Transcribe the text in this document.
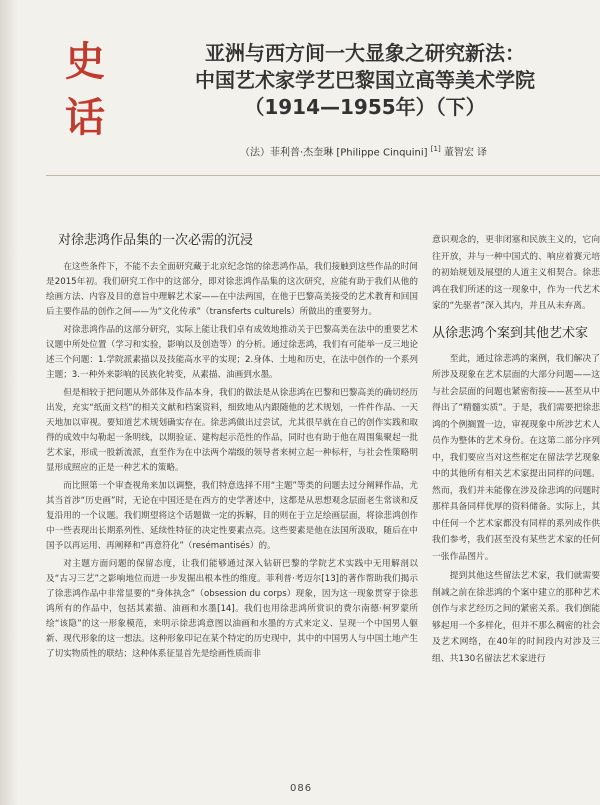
史
话
亚洲与西方间一大显象之研究新法：
中国艺术家学艺巴黎国立高等美术学院
（1914—1955年）（下）
（法）菲利普·杰奎琳 [Philippe Cinquini] [1] 董智宏 译
对徐悲鸿作品集的一次必需的沉浸

在这些条件下，不能不去全面研究藏于北京纪念馆的徐悲鸿作品，我们接触到这些作品的时间是2015年初。我们研究工作中的这部分，即对徐悲鸿作品集的这次研究，应能有助于我们从他的绘画方法、内容及目的意旨中理解艺术家——在中法两国，在他于巴黎高美接受的艺术教育和回国后主要作品的创作之间——为“文化传承”（transferts culturels）所做出的重要努力。

对徐悲鸿作品的这部分研究，实际上能让我们卓有成效地推动关于巴黎高美在法中的重要艺术议题中所处位置（学习和实验，影响以及创造等）的分析。通过徐悲鸿，我们有可能举一反三地论述三个问题：1.学院派素描以及技能高水平的实现；2.身体、土地和历史，在法中创作的一个系列主题；3.一种外来影响的民族化转变，从素描、油画到水墨。

但是相较于把问题从外部体及作品本身，我们的做法是从徐悲鸿在巴黎和巴黎高美的确切经历出发，充实“纸面文档”的相关文献和档案资料，细致地从内跟随他的艺术规划，一件件作品、一天天地加以审视。要知道艺术规划确实存在。徐悲鸿做出过尝试，尤其很早就在自己的创作实践和取得的成效中勾勒起一条明线，以期验证、建构起示范性的作品，同时也有助于他在周围集聚起一批艺术家，形成一股新流派，直至作为在中法两个端级的领导者来树立起一种标杆，与社会性策略明显形成照应的正是一种艺术的策略。

而比照第一个审查视角来加以调整，我们特意选择不用“主题”等类的问题去过分阐释作品，尤其当首涉“历史画”时，无论在中国还是在西方的史学著述中，这都是从思想观念层面老生常谈和反复沿用的一个议题。我们期望将这个话题做一定的拆解，目的则在于立足绘画层面，将徐悲鸿创作中一些表现出长期系列性、延续性特征的决定性要素点亮。这些要素是他在法国所汲取，随后在中国予以再运用、再阐释和“再意符化”（resémantisés）的。

对主题方面问题的保留态度，让我们能够通过深入钻研巴黎的学院艺术实践中无用解剖以及“古习三艺”之影响地位而进一步发掘出根本性的维度。菲利普·考迈尔[13]的著作帮助我们揭示了徐悲鸿作品中非常显要的“身体执念”（obsession du corps）现象，因为这一现象贯穿于徐悲鸿所有的作品中，包括其素描、油画和水墨[14]。我们也用徐悲鸿所赏识的费尔南德·柯罗蒙所绘“该隐”的这一形象模范，来明示徐悲鸿意图以油画和水墨的方式来定义、呈现一个中国男人躯新、现代形象的这一想法。这种形象印记在某个特定的历史现中，其中的中国男人与中国土地产生了切实物质性的联结；这种体系征显首先是绘画性质而非

意识观念的，更非闭塞和民族主义的，它向往开放，并与一种中国式的、响应着赛元培的初始规划及展望的人道主义相契合。徐悲鸿在我们所述的这一现象中，作为一代艺术家的“先驱者”深入其内，并且从未弃离。

从徐悲鸿个案到其他艺术家

至此，通过徐悲鸿的案例，我们解决了所涉及现象在艺术层面的大部分问题——这与社会层面的问题也紧密衔接——甚至从中得出了“精髓实质”。于是，我们需要把徐悲鸿的个例搁置一边，审视现象中所涉艺术人员作为整体的艺术身份。在这第二部分序列中，我们要应当对这些框定在留法学艺现象中的其他所有相关艺术家提出同样的问题。然而，我们并未能像在涉及徐悲鸿的问题时那样具备同样优厚的资料储备。实际上，其中任何一个艺术家都没有同样的系列成作供我们参考，我们甚至没有某些艺术家的任何一张作品图片。

提到其他这些留法艺术家，我们就需要削减之前在徐悲鸿的个案中建立的那种艺术创作与求艺经历之间的紧密关系。我们倒能够起用一个多样化，但并不那么稠密的社会及艺术网络，在40年的时间段内对涉及三组、共130名留法艺术家进行

086
